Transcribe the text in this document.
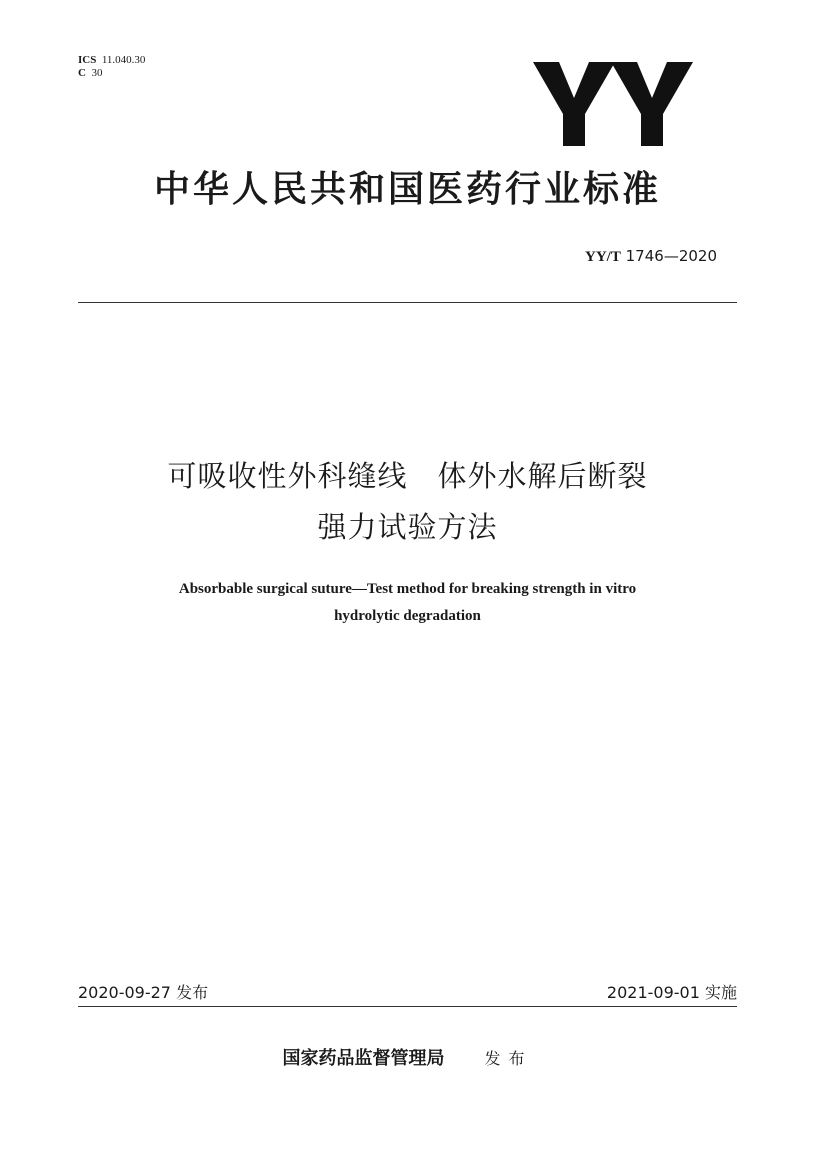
ICS 11.040.30
C 30
中华人民共和国医药行业标准
YY/T 1746—2020
可吸收性外科缝线　体外水解后断裂
强力试验方法
Absorbable surgical suture—Test method for breaking strength in vitro
hydrolytic degradation
2020-09-27 发布	2021-09-01 实施
国家药品监督管理局	发布
